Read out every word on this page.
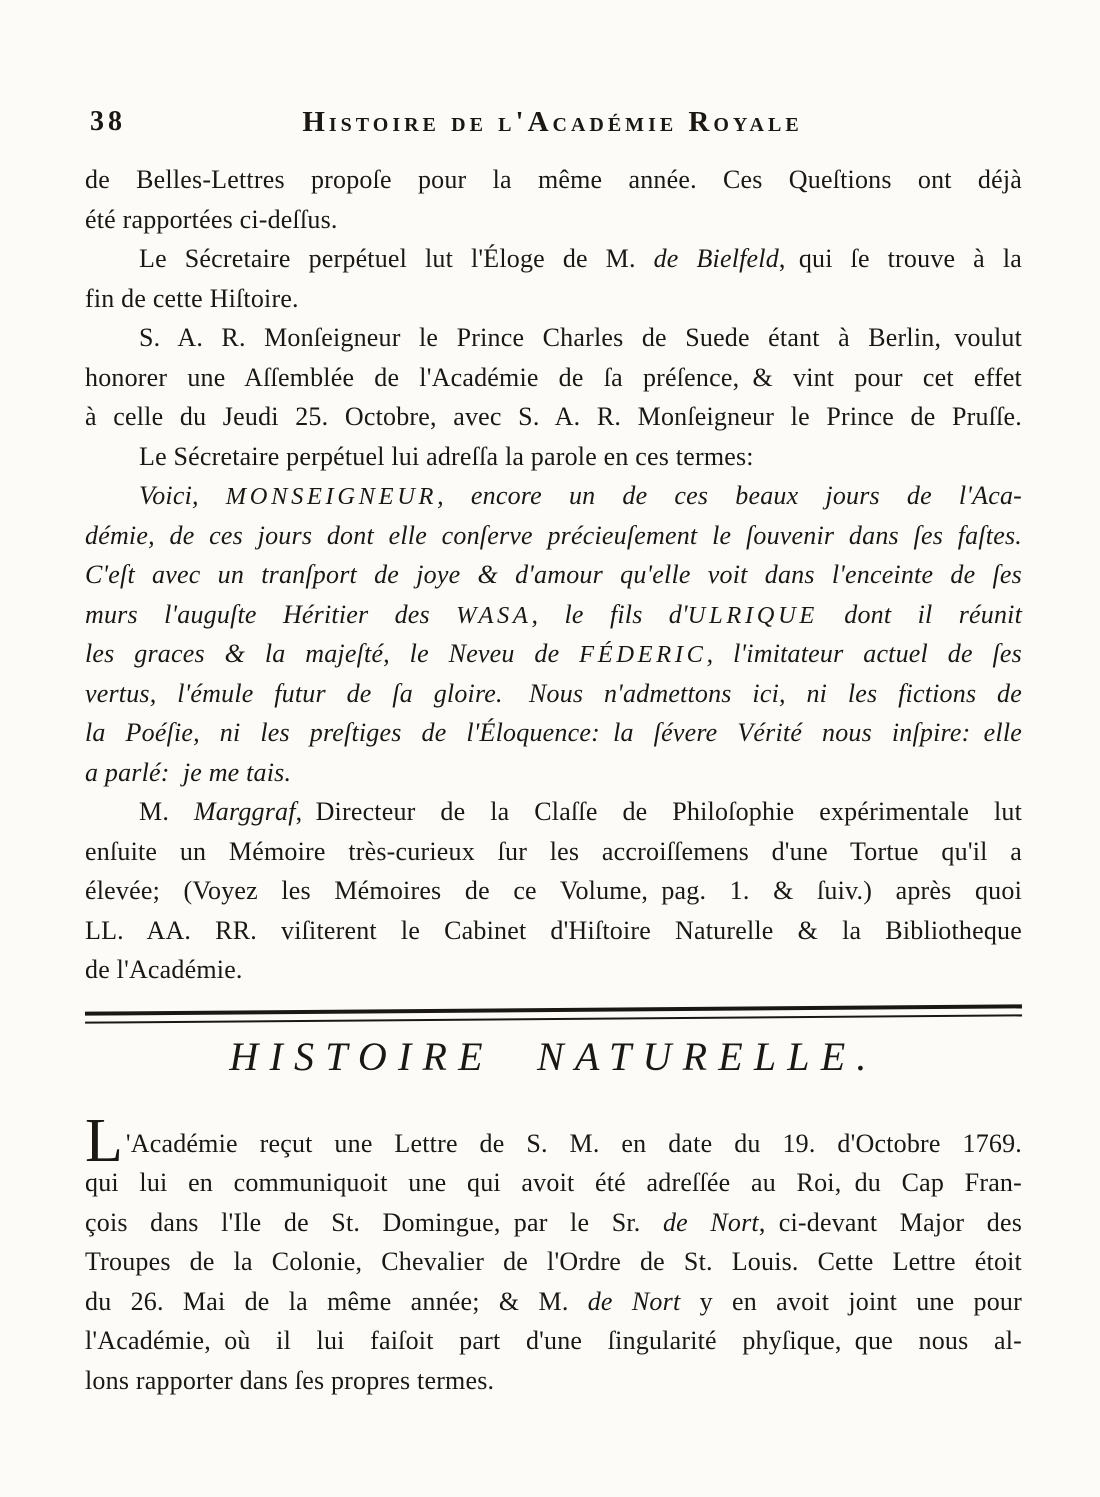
38	Histoire de l'Académie Royale
de Belles-Lettres propoſe pour la même année. Ces Queſtions ont déjà
été rapportées ci-deſſus.
Le Sécretaire perpétuel lut l'Éloge de M. de Bielfeld, qui ſe trouve à la
fin de cette Hiſtoire.
S. A. R. Monſeigneur le Prince Charles de Suede étant à Berlin, voulut
honorer une Aſſemblée de l'Académie de ſa préſence, & vint pour cet effet
à celle du Jeudi 25. Octobre, avec S. A. R. Monſeigneur le Prince de Pruſſe.
Le Sécretaire perpétuel lui adreſſa la parole en ces termes:
Voici, MONSEIGNEUR, encore un de ces beaux jours de l'Aca-
démie, de ces jours dont elle conſerve précieuſement le ſouvenir dans ſes faſtes.
C'eſt avec un tranſport de joye & d'amour qu'elle voit dans l'enceinte de ſes
murs l'auguſte Héritier des WASA, le fils d'ULRIQUE dont il réunit
les graces & la majeſté, le Neveu de FÉDERIC, l'imitateur actuel de ſes
vertus, l'émule futur de ſa gloire. Nous n'admettons ici, ni les fictions de
la Poéſie, ni les preſtiges de l'Éloquence: la ſévere Vérité nous inſpire: elle
a parlé: je me tais.
M. Marggraf, Directeur de la Claſſe de Philoſophie expérimentale lut
enſuite un Mémoire très-curieux ſur les accroiſſemens d'une Tortue qu'il a
élevée; (Voyez les Mémoires de ce Volume, pag. 1. & ſuiv.) après quoi
LL. AA. RR. viſiterent le Cabinet d'Hiſtoire Naturelle & la Bibliotheque
de l'Académie.
HISTOIRE NATURELLE.
L 'Académie reçut une Lettre de S. M. en date du 19. d'Octobre 1769.
qui lui en communiquoit une qui avoit été adreſſée au Roi, du Cap Fran-
çois dans l'Ile de St. Domingue, par le Sr. de Nort, ci-devant Major des
Troupes de la Colonie, Chevalier de l'Ordre de St. Louis. Cette Lettre étoit
du 26. Mai de la même année; & M. de Nort y en avoit joint une pour
l'Académie, où il lui faiſoit part d'une ſingularité phyſique, que nous al-
lons rapporter dans ſes propres termes.
